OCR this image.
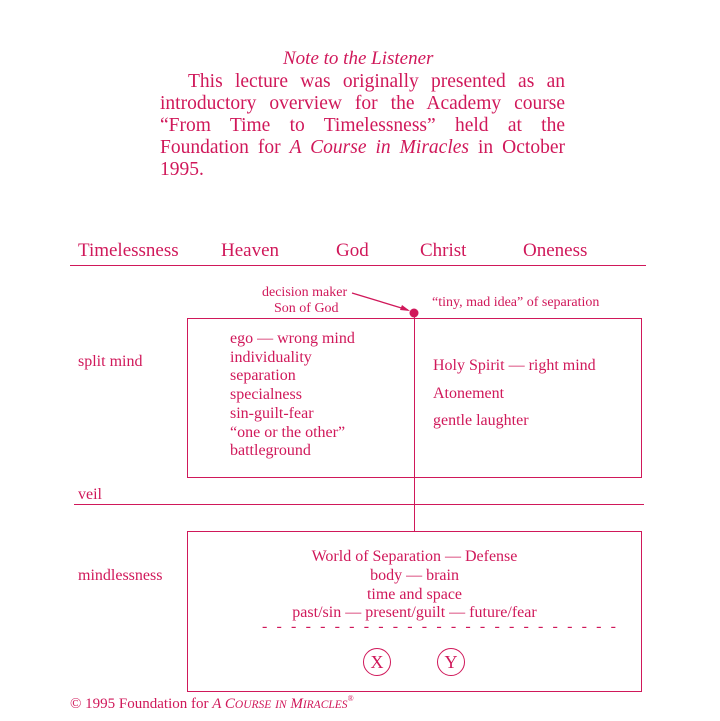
Note to the Listener
This lecture was originally presented as an introductory overview for the Academy course “From Time to Timelessness” held at the Foundation for A Course in Miracles in October 1995.
Timelessness Heaven	God	Christ	Oneness
decision maker
Son of God	“tiny, mad idea” of separation
split mind
ego — wrong mind
individuality
separation
specialness
sin-guilt-fear
“one or the other”
battleground
Holy Spirit — right mind
Atonement
gentle laughter
veil
mindlessness
World of Separation — Defense
body — brain
time and space
past/sin — present/guilt — future/fear
- - - - - - - - - - - - - - - - - - - - - - - - -
X	Y
© 1995 Foundation for A COURSE IN MIRACLES®
